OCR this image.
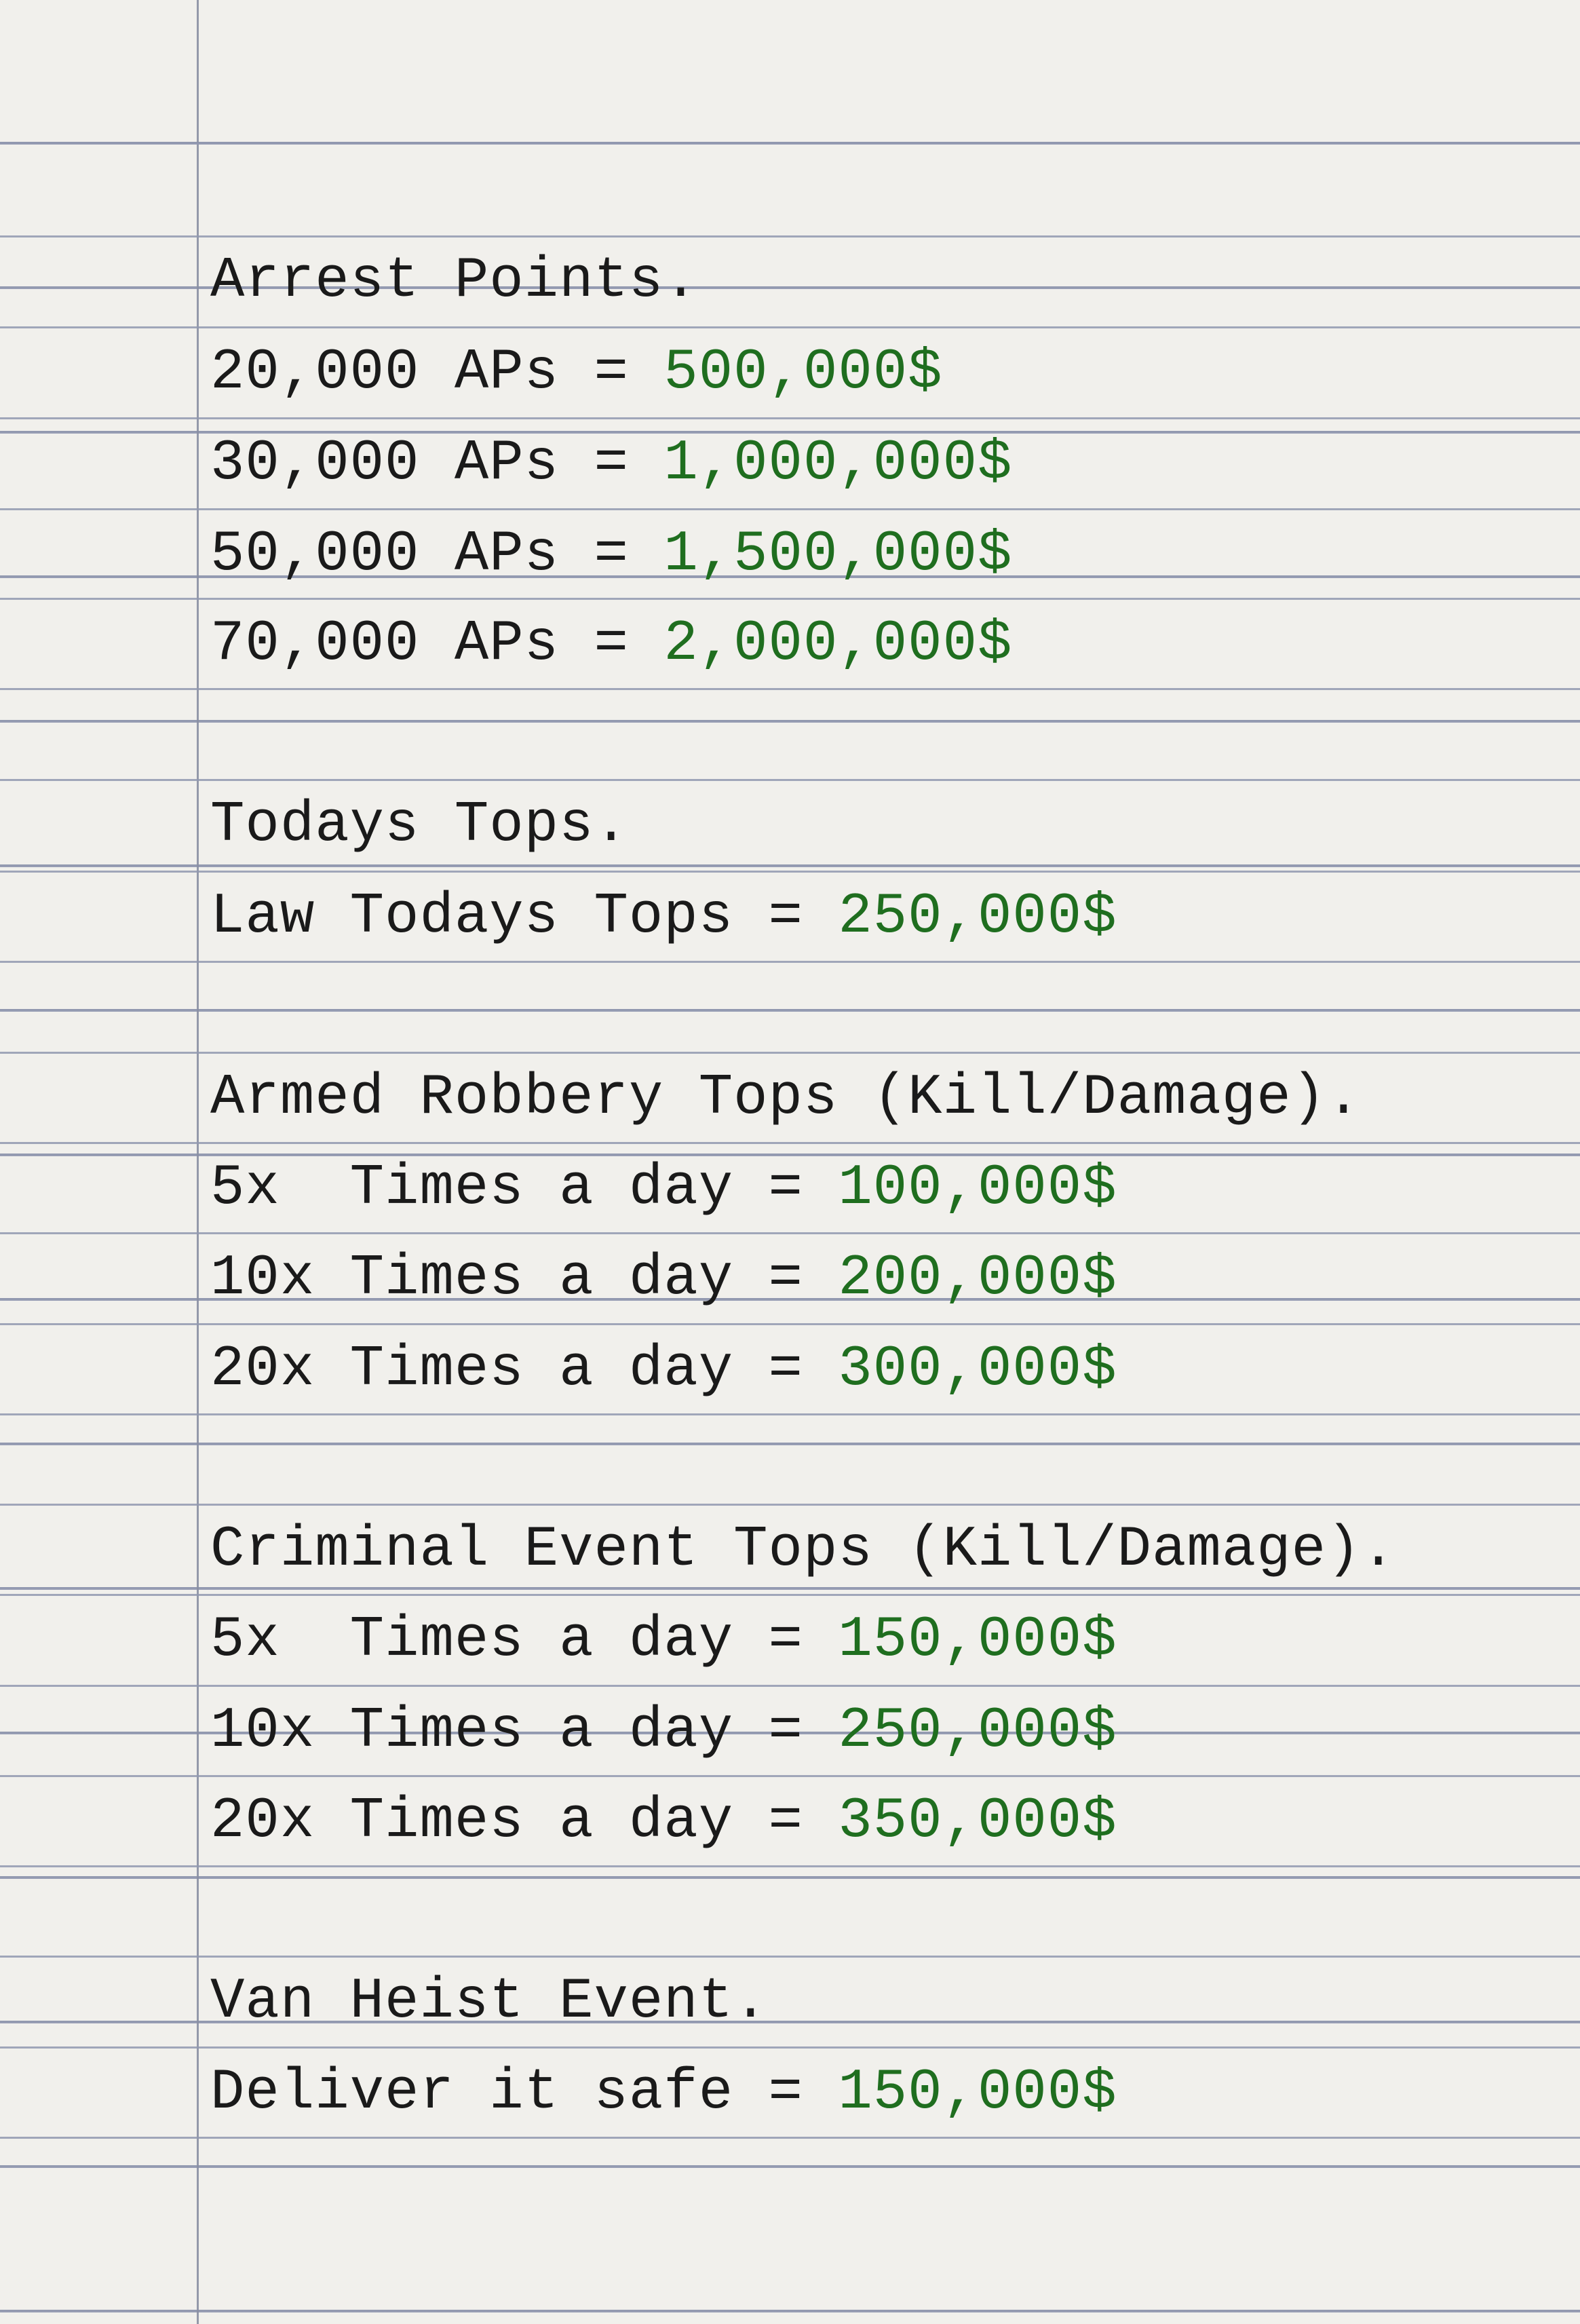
Arrest Points.
20,000 APs = 500,000$
30,000 APs = 1,000,000$
50,000 APs = 1,500,000$
70,000 APs = 2,000,000$
Todays Tops.
Law Todays Tops = 250,000$
Armed Robbery Tops (Kill/Damage).
5x  Times a day = 100,000$
10x Times a day = 200,000$
20x Times a day = 300,000$
Criminal Event Tops (Kill/Damage).
5x  Times a day = 150,000$
10x Times a day = 250,000$
20x Times a day = 350,000$
Van Heist Event.
Deliver it safe = 150,000$
